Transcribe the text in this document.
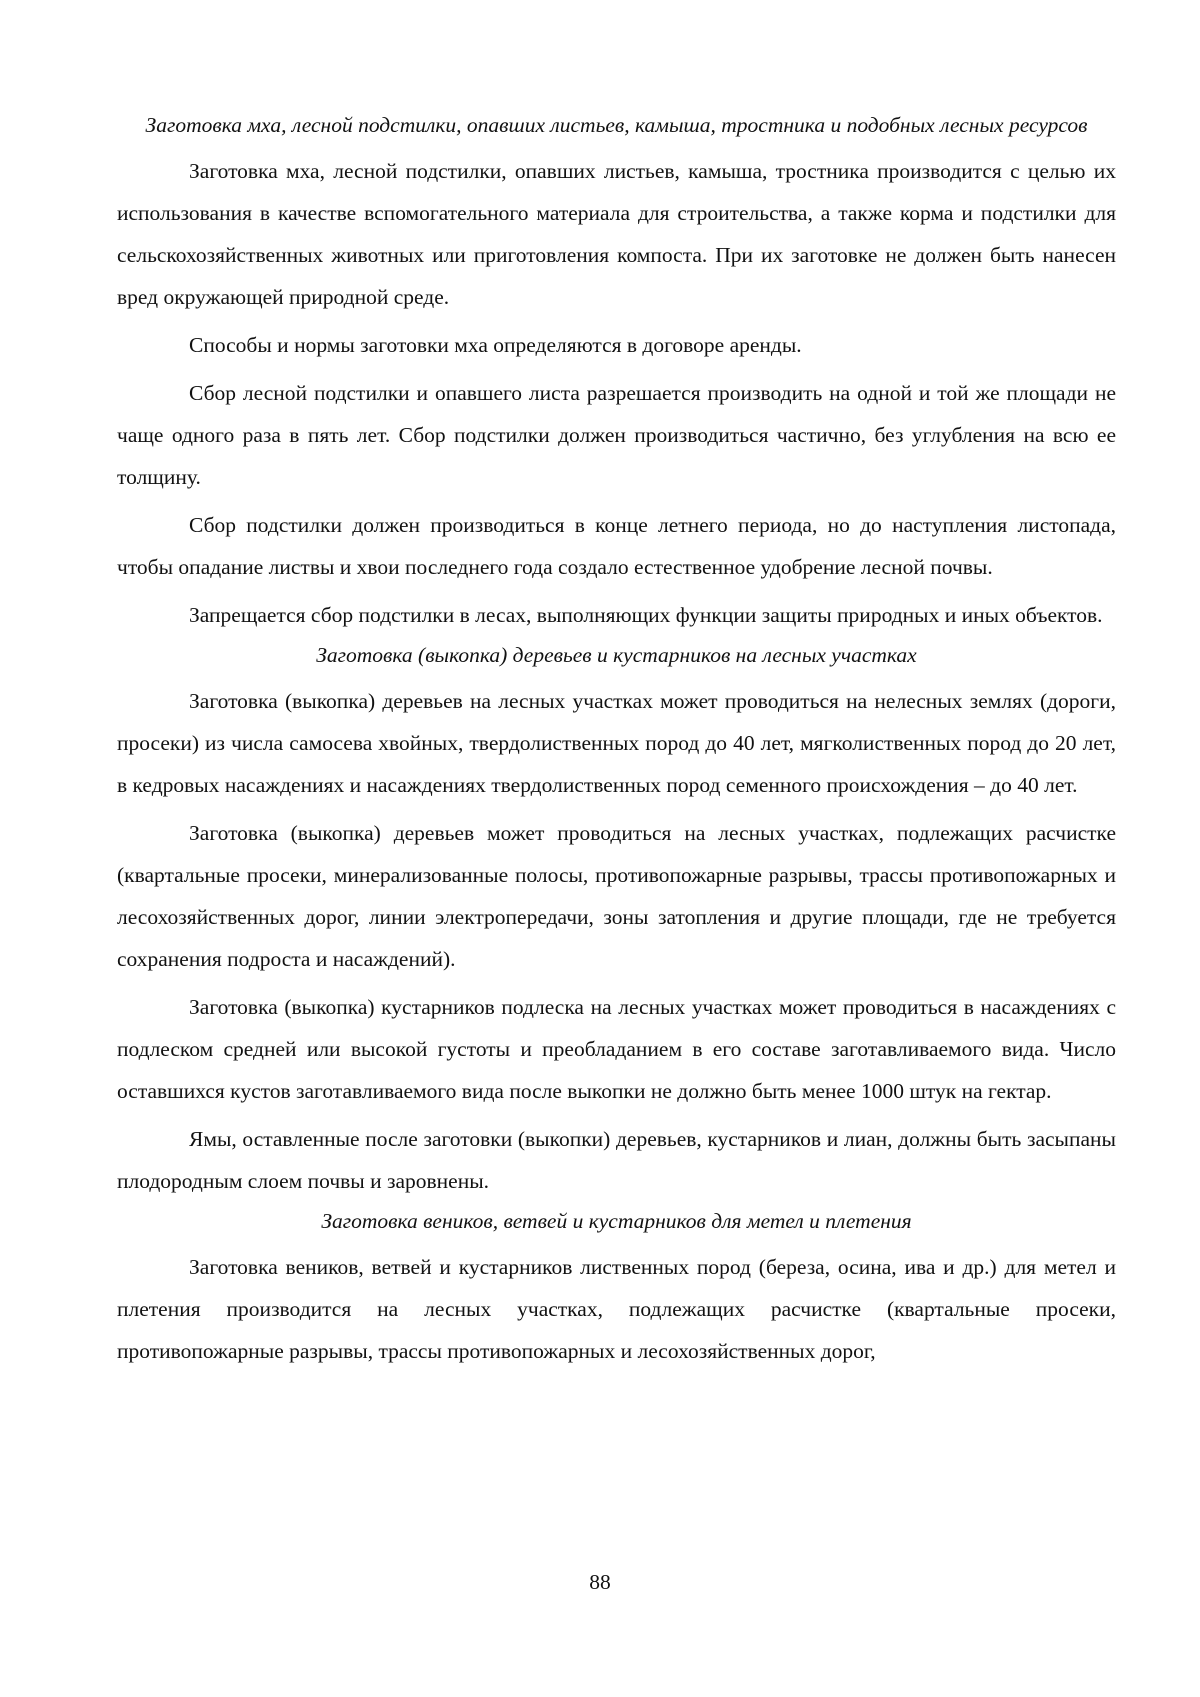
Заготовка мха, лесной подстилки, опавших листьев, камыша, тростника и подобных лесных ресурсов

Заготовка мха, лесной подстилки, опавших листьев, камыша, тростника производится с целью их использования в качестве вспомогательного материала для строительства, а также корма и подстилки для сельскохозяйственных животных или приготовления компоста. При их заготовке не должен быть нанесен вред окружающей природной среде.

Способы и нормы заготовки мха определяются в договоре аренды.

Сбор лесной подстилки и опавшего листа разрешается производить на одной и той же площади не чаще одного раза в пять лет. Сбор подстилки должен производиться частично, без углубления на всю ее толщину.

Сбор подстилки должен производиться в конце летнего периода, но до наступления листопада, чтобы опадание листвы и хвои последнего года создало естественное удобрение лесной почвы.

Запрещается сбор подстилки в лесах, выполняющих функции защиты природных и иных объектов.

Заготовка (выкопка) деревьев и кустарников на лесных участках

Заготовка (выкопка) деревьев на лесных участках может проводиться на нелесных землях (дороги, просеки) из числа самосева хвойных, твердолиственных пород до 40 лет, мягколиственных пород до 20 лет, в кедровых насаждениях и насаждениях твердолиственных пород семенного происхождения – до 40 лет.

Заготовка (выкопка) деревьев может проводиться на лесных участках, подлежащих расчистке (квартальные просеки, минерализованные полосы, противопожарные разрывы, трассы противопожарных и лесохозяйственных дорог, линии электропередачи, зоны затопления и другие площади, где не требуется сохранения подроста и насаждений).

Заготовка (выкопка) кустарников подлеска на лесных участках может проводиться в насаждениях с подлеском средней или высокой густоты и преобладанием в его составе заготавливаемого вида. Число оставшихся кустов заготавливаемого вида после выкопки не должно быть менее 1000 штук на гектар.

Ямы, оставленные после заготовки (выкопки) деревьев, кустарников и лиан, должны быть засыпаны плодородным слоем почвы и заровнены.

Заготовка веников, ветвей и кустарников для метел и плетения

Заготовка веников, ветвей и кустарников лиственных пород (береза, осина, ива и др.) для метел и плетения производится на лесных участках, подлежащих расчистке (квартальные просеки, противопожарные разрывы, трассы противопожарных и лесохозяйственных дорог,

88
